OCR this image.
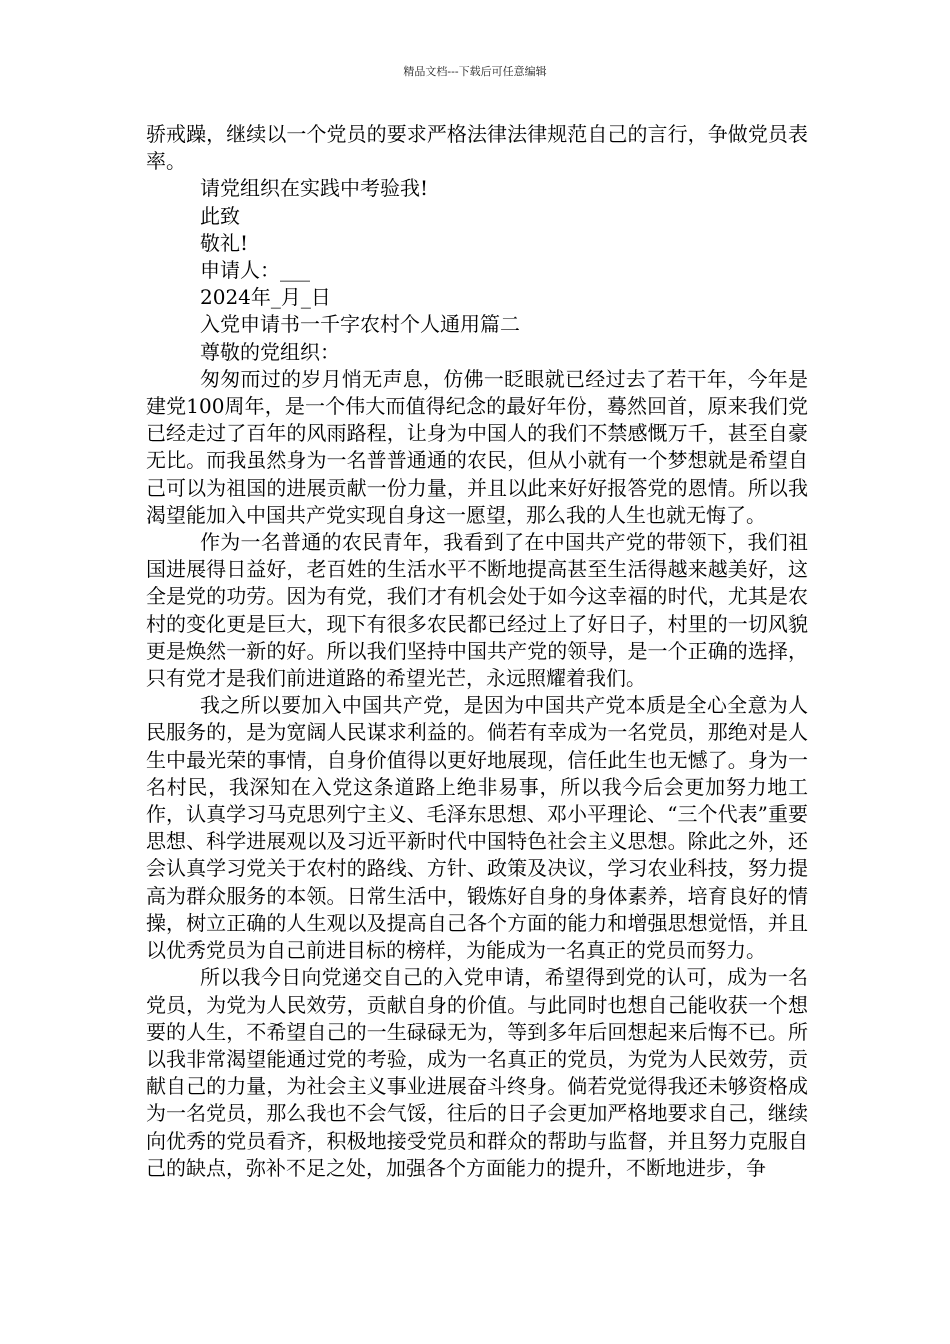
精品文档---下载后可任意编辑

骄戒躁，继续以一个党员的要求严格法律法律规范自己的言行，争做党员表率。

请党组织在实践中考验我!

此致

敬礼!

申请人：___

2024年_月_日

入党申请书一千字农村个人通用篇二

尊敬的党组织：

匆匆而过的岁月悄无声息，仿佛一眨眼就已经过去了若干年，今年是建党100周年，是一个伟大而值得纪念的最好年份，蓦然回首，原来我们党已经走过了百年的风雨路程，让身为中国人的我们不禁感慨万千，甚至自豪无比。而我虽然身为一名普普通通的农民，但从小就有一个梦想就是希望自己可以为祖国的进展贡献一份力量，并且以此来好好报答党的恩情。所以我渴望能加入中国共产党实现自身这一愿望，那么我的人生也就无悔了。

作为一名普通的农民青年，我看到了在中国共产党的带领下，我们祖国进展得日益好，老百姓的生活水平不断地提高甚至生活得越来越美好，这全是党的功劳。因为有党，我们才有机会处于如今这幸福的时代，尤其是农村的变化更是巨大，现下有很多农民都已经过上了好日子，村里的一切风貌更是焕然一新的好。所以我们坚持中国共产党的领导，是一个正确的选择，只有党才是我们前进道路的希望光芒，永远照耀着我们。

我之所以要加入中国共产党，是因为中国共产党本质是全心全意为人民服务的，是为宽阔人民谋求利益的。倘若有幸成为一名党员，那绝对是人生中最光荣的事情，自身价值得以更好地展现，信任此生也无憾了。身为一名村民，我深知在入党这条道路上绝非易事，所以我今后会更加努力地工作，认真学习马克思列宁主义、毛泽东思想、邓小平理论、“三个代表”重要思想、科学进展观以及习近平新时代中国特色社会主义思想。除此之外，还会认真学习党关于农村的路线、方针、政策及决议，学习农业科技，努力提高为群众服务的本领。日常生活中，锻炼好自身的身体素养，培育良好的情操，树立正确的人生观以及提高自己各个方面的能力和增强思想觉悟，并且以优秀党员为自己前进目标的榜样，为能成为一名真正的党员而努力。

所以我今日向党递交自己的入党申请，希望得到党的认可，成为一名党员，为党为人民效劳，贡献自身的价值。与此同时也想自己能收获一个想要的人生，不希望自己的一生碌碌无为，等到多年后回想起来后悔不已。所以我非常渴望能通过党的考验，成为一名真正的党员，为党为人民效劳，贡献自己的力量，为社会主义事业进展奋斗终身。倘若党觉得我还未够资格成为一名党员，那么我也不会气馁，往后的日子会更加严格地要求自己，继续向优秀的党员看齐，积极地接受党员和群众的帮助与监督，并且努力克服自己的缺点，弥补不足之处，加强各个方面能力的提升，不断地进步，争
